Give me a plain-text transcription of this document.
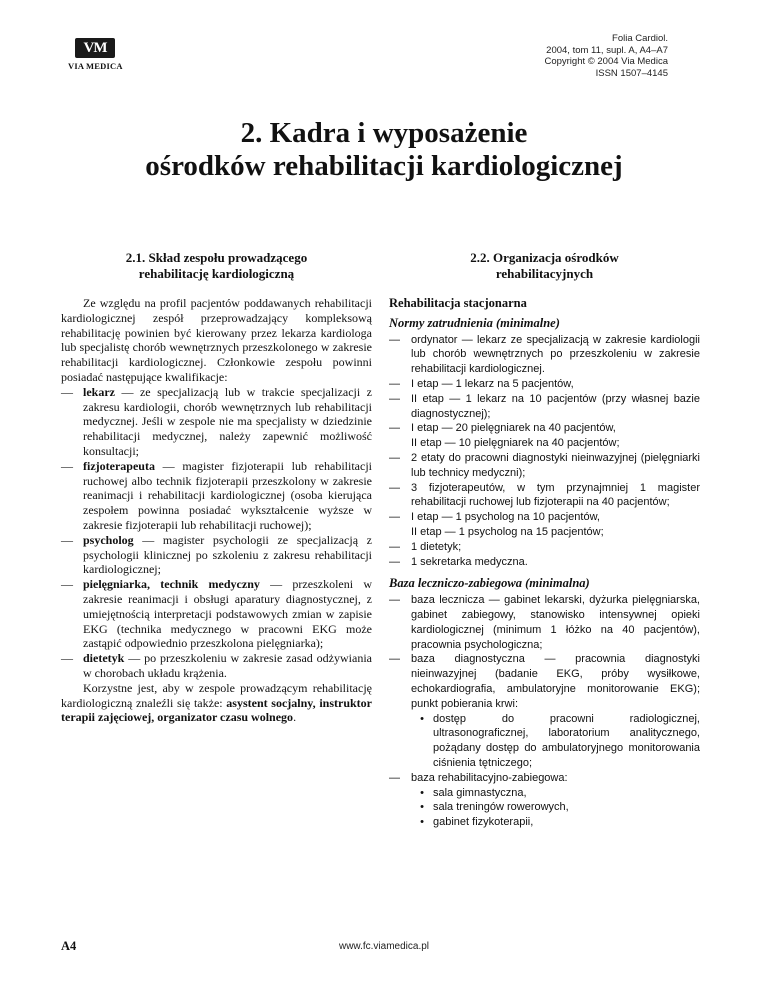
VM
VIA MEDICA
Folia Cardiol.
2004, tom 11, supl. A, A4–A7
Copyright © 2004 Via Medica
ISSN 1507–4145
2. Kadra i wyposażenie
ośrodków rehabilitacji kardiologicznej
2.1. Skład zespołu prowadzącego
rehabilitację kardiologiczną

Ze względu na profil pacjentów poddawanych rehabilitacji kardiologicznej zespół przeprowadzający kompleksową rehabilitację powinien być kierowany przez lekarza kardiologa lub specjalistę chorób wewnętrznych przeszkolonego w zakresie rehabilitacji kardiologicznej. Członkowie zespołu powinni posiadać następujące kwalifikacje:

— lekarz — ze specjalizacją lub w trakcie specjalizacji z zakresu kardiologii, chorób wewnętrznych lub rehabilitacji medycznej. Jeśli w zespole nie ma specjalisty w dziedzinie rehabilitacji medycznej, należy zapewnić możliwość konsultacji;
— fizjoterapeuta — magister fizjoterapii lub rehabilitacji ruchowej albo technik fizjoterapii przeszkolony w zakresie reanimacji i rehabilitacji kardiologicznej (osoba kierująca zespołem powinna posiadać wykształcenie wyższe w zakresie fizjoterapii lub rehabilitacji ruchowej);
— psycholog — magister psychologii ze specjalizacją z psychologii klinicznej po szkoleniu z zakresu rehabilitacji kardiologicznej;
— pielęgniarka, technik medyczny — przeszkoleni w zakresie reanimacji i obsługi aparatury diagnostycznej, z umiejętnością interpretacji podstawowych zmian w zapisie EKG (technika medycznego w pracowni EKG może zastąpić odpowiednio przeszkolona pielęgniarka);
— dietetyk — po przeszkoleniu w zakresie zasad odżywiania w chorobach układu krążenia.

Korzystne jest, aby w zespole prowadzącym rehabilitację kardiologiczną znaleźli się także: asystent socjalny, instruktor terapii zajęciowej, organizator czasu wolnego.

2.2. Organizacja ośrodków
rehabilitacyjnych
Rehabilitacja stacjonarna
Normy zatrudnienia (minimalne)
—	ordynator — lekarz ze specjalizacją w zakresie kardiologii lub chorób wewnętrznych po przeszkoleniu w zakresie rehabilitacji kardiologicznej.
—	I etap — 1 lekarz na 5 pacjentów,
—	II etap — 1 lekarz na 10 pacjentów (przy własnej bazie diagnostycznej);
—	I etap — 20 pielęgniarek na 40 pacjentów,
II etap — 10 pielęgniarek na 40 pacjentów;
—	2 etaty do pracowni diagnostyki nieinwazyjnej (pielęgniarki lub technicy medyczni);
—	3 fizjoterapeutów, w tym przynajmniej 1 magister rehabilitacji ruchowej lub fizjoterapii na 40 pacjentów;
—	I etap — 1 psycholog na 10 pacjentów,
II etap — 1 psycholog na 15 pacjentów;
—	1 dietetyk;
—	1 sekretarka medyczna.
Baza leczniczo-zabiegowa (minimalna)
—	baza lecznicza — gabinet lekarski, dyżurka pielęgniarska, gabinet zabiegowy, stanowisko intensywnej opieki kardiologicznej (minimum 1 łóżko na 40 pacjentów), pracownia psychologiczna;
—	baza diagnostyczna — pracownia diagnostyki nieinwazyjnej (badanie EKG, próby wysiłkowe, echokardiografia, ambulatoryjne monitorowanie EKG); punkt pobierania krwi:
• dostęp do pracowni radiologicznej, ultrasonograficznej, laboratorium analitycznego, pożądany dostęp do ambulatoryjnego monitorowania ciśnienia tętniczego;
—	baza rehabilitacyjno-zabiegowa:
• sala gimnastyczna,
• sala treningów rowerowych,
• gabinet fizykoterapii,
A4	www.fc.viamedica.pl
